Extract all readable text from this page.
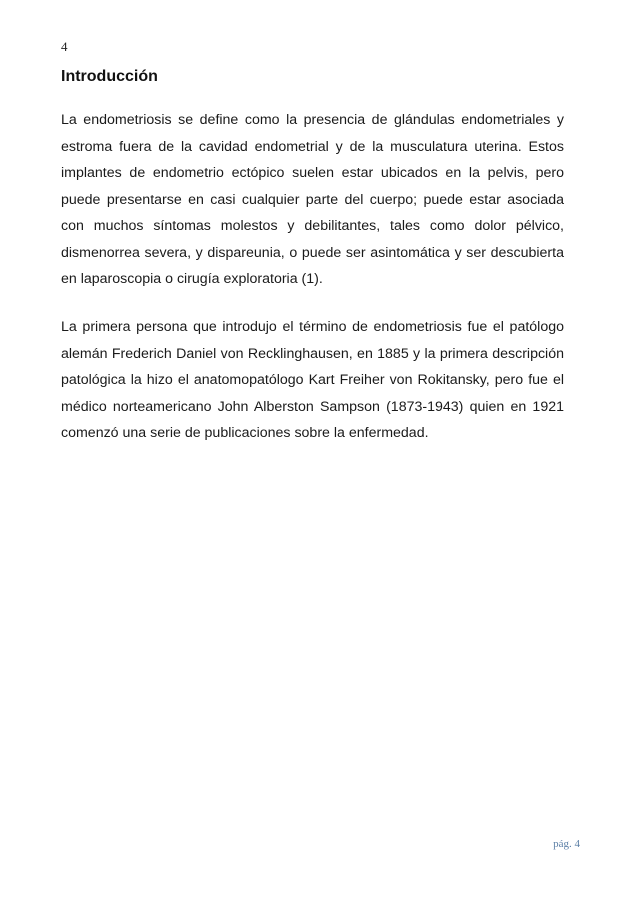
4
Introducción

La endometriosis se define como la presencia de glándulas endometriales y estroma fuera de la cavidad endometrial y de la musculatura uterina. Estos implantes de endometrio ectópico suelen estar ubicados en la pelvis, pero puede presentarse en casi cualquier parte del cuerpo; puede estar asociada con muchos síntomas molestos y debilitantes, tales como dolor pélvico, dismenorrea severa, y dispareunia, o puede ser asintomática y ser descubierta en laparoscopia o cirugía exploratoria (1).

La primera persona que introdujo el término de endometriosis fue el patólogo alemán Frederich Daniel von Recklinghausen, en 1885 y la primera descripción patológica la hizo el anatomopatólogo Kart Freiher von Rokitansky, pero fue el médico norteamericano John Alberston Sampson (1873-1943) quien en 1921 comenzó una serie de publicaciones sobre la enfermedad.

pág. 4
